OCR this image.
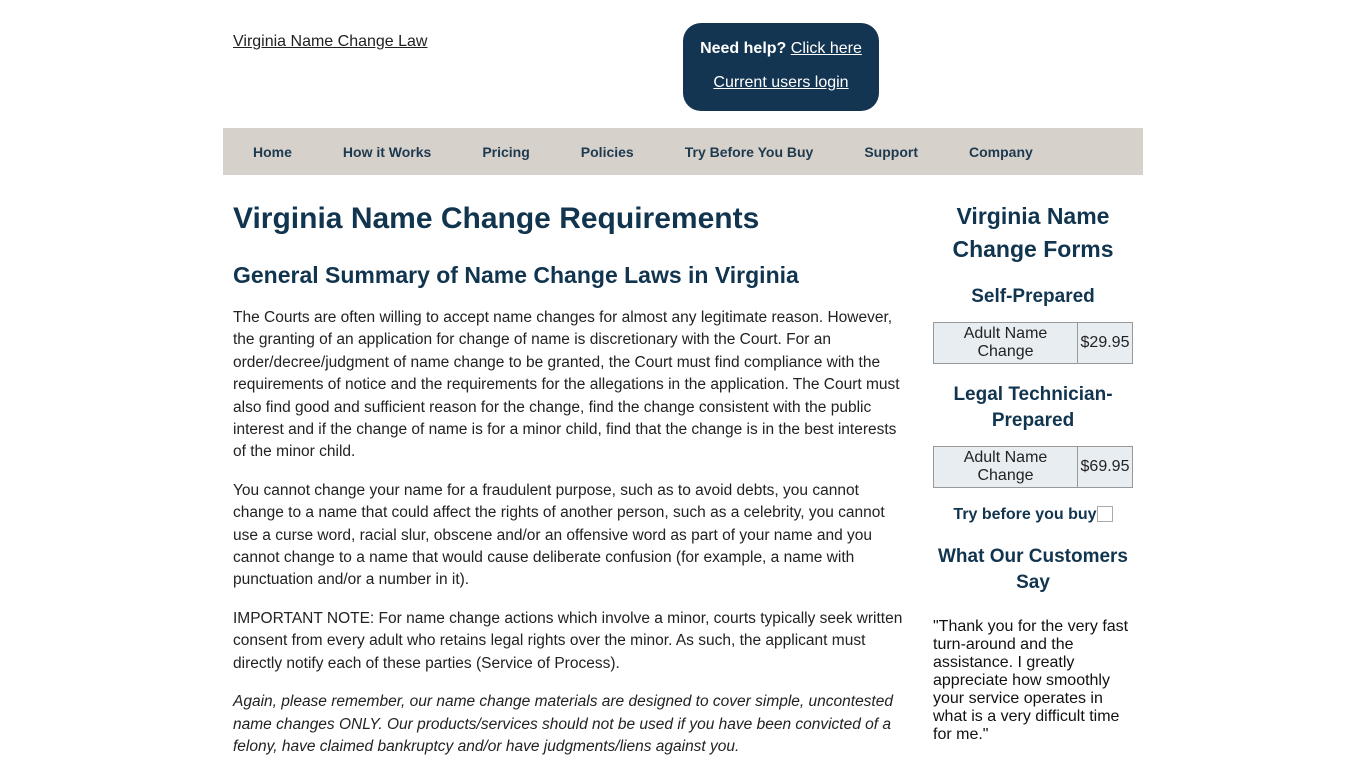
Virginia Name Change Law	Need help? Click here
Current users login
Home	How it Works	Pricing	Policies	Try Before You Buy	Support	Company
Virginia Name Change Requirements
General Summary of Name Change Laws in Virginia

The Courts are often willing to accept name changes for almost any legitimate reason. However, the granting of an application for change of name is discretionary with the Court. For an order/decree/judgment of name change to be granted, the Court must find compliance with the requirements of notice and the requirements for the allegations in the application. The Court must also find good and sufficient reason for the change, find the change consistent with the public interest and if the change of name is for a minor child, find that the change is in the best interests of the minor child.

You cannot change your name for a fraudulent purpose, such as to avoid debts, you cannot change to a name that could affect the rights of another person, such as a celebrity, you cannot use a curse word, racial slur, obscene and/or an offensive word as part of your name and you cannot change to a name that would cause deliberate confusion (for example, a name with punctuation and/or a number in it).

IMPORTANT NOTE: For name change actions which involve a minor, courts typically seek written consent from every adult who retains legal rights over the minor. As such, the applicant must directly notify each of these parties (Service of Process).

Again, please remember, our name change materials are designed to cover simple, uncontested name changes ONLY. Our products/services should not be used if you have been convicted of a felony, have claimed bankruptcy and/or have judgments/liens against you.

Virginia Name Change Forms
Self-Prepared
Adult Name Change	$29.95
Legal Technician-Prepared
Adult Name Change	$69.95
Try before you buy
What Our Customers Say
"Thank you for the very fast turn-around and the assistance. I greatly appreciate how smoothly your service operates in what is a very difficult time for me."
